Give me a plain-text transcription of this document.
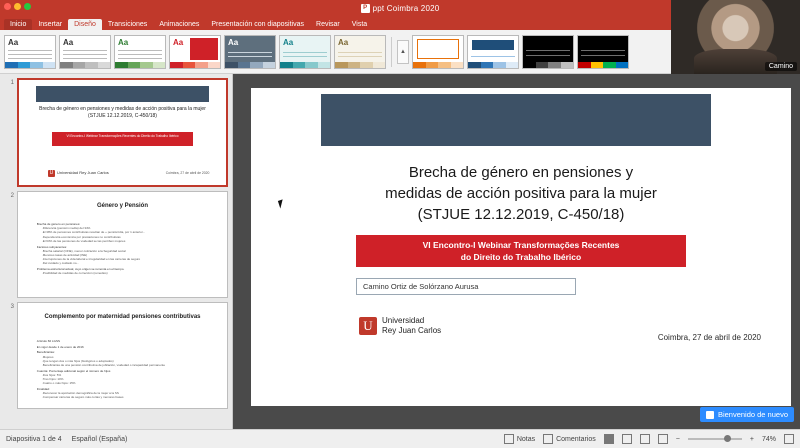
P ppt Coimbra 2020
Inicio	Insertar	Diseño	Transiciones	Animaciones	Presentación con diapositivas	Revisar	Vista
Aa	Aa	Aa	Aa	Aa	Aa	Aa
▲
1
Brecha de género en pensiones y medidas de acción positiva para la mujer (STJUE 12.12.2019, C-450/18)
VI Encontro-I Webinar Transformações Recentes do Direito do Trabalho Ibérico
U Universidad Rey Juan Carlos	Coimbra, 27 de abril de 2020
2
Género y Pensión
Brecha de género en pensiones:
·Diferencia (pensión media) del 34%
·El 38% de pensiones contributivas resultan de + pensión/día, por 1 anterior...
·Dependencia económica por prestaciones no contributivas
·El 63% de las pensiones de viudedad se las perciben mujeres
Factores subyacentes:
·Brecha salarial (CINE), menor cotización a la Seguridad social
·Menores tasas de actividad (INE)
·Interrupciones de la vida laboral e irregularidad en las carreras de seguro
·Del cuidado y cuidado no...
Problema estructural actual, cuyo origen se remonta en el tiempo.
·Posibilidad de medidas de corrección (remedios)
3
Complemento por maternidad pensiones contributivas
Artículo 60 LGSS
En vigor desde 1 de enero de 2016
Beneficiarias:
·Mujeres
·Que tengan dos o más hijos (biológicos o adoptados)
·Beneficiarias de una pensión contributiva de jubilación, viudedad o incapacidad permanente
Cuantía: Porcentaje adicional según el número de hijos
·Dos hijos: 5%
·Tres hijos: 10%
·Cuatro o más hijos: 15%
Finalidad:
·Reconocer la aportación demográfica de la mujer a la SS
·Compensar carreras de seguro más cortas y menores bases
Brecha de género en pensiones y
medidas de acción positiva para la mujer
(STJUE 12.12.2019, C-450/18)
VI Encontro-I Webinar Transformações Recentes
do Direito do Trabalho Ibérico
Camino Ortiz de Solórzano Aurusa
U	Universidad
Rey Juan Carlos
Coimbra, 27 de abril de 2020
zoom
Camino
Bienvenido de nuevo
Diapositiva 1 de 4 Español (España)	Notas	Comentarios	−	+ 74%
